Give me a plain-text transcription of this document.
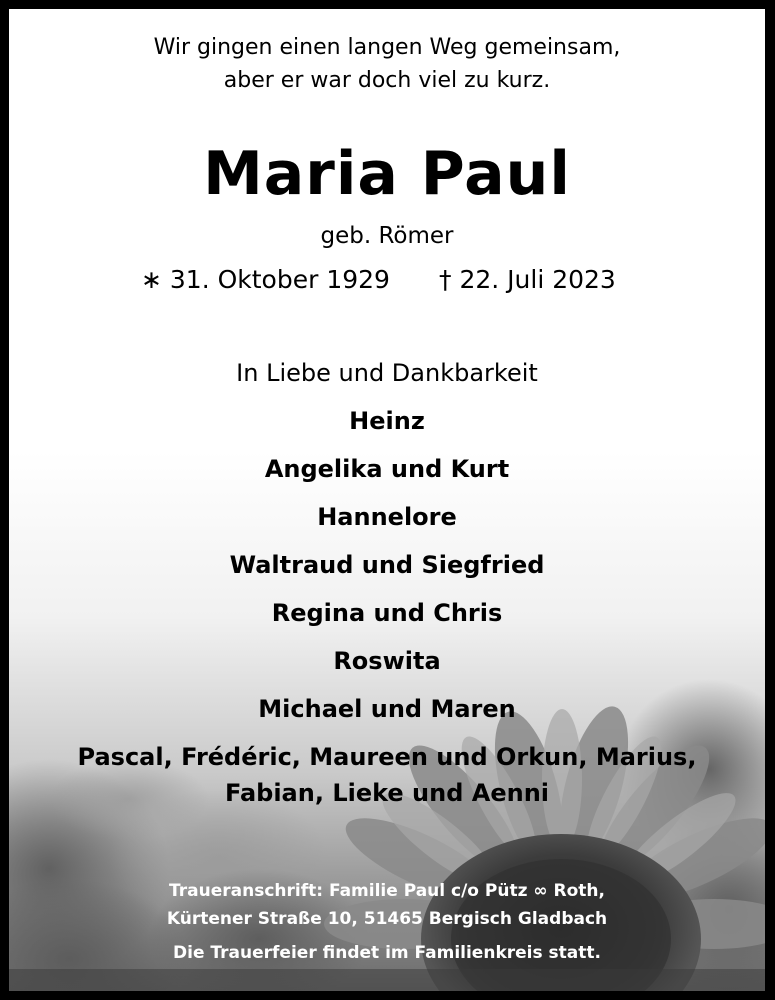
Wir gingen einen langen Weg gemeinsam,
aber er war doch viel zu kurz.
Maria Paul
geb. Römer
∗ 31. Oktober 1929 † 22. Juli 2023
In Liebe und Dankbarkeit
Heinz
Angelika und Kurt
Hannelore
Waltraud und Siegfried
Regina und Chris
Roswita
Michael und Maren
Pascal, Frédéric, Maureen und Orkun, Marius,
Fabian, Lieke und Aenni
Traueranschrift: Familie Paul c/o Pütz ∞ Roth,
Kürtener Straße 10, 51465 Bergisch Gladbach
Die Trauerfeier findet im Familienkreis statt.
